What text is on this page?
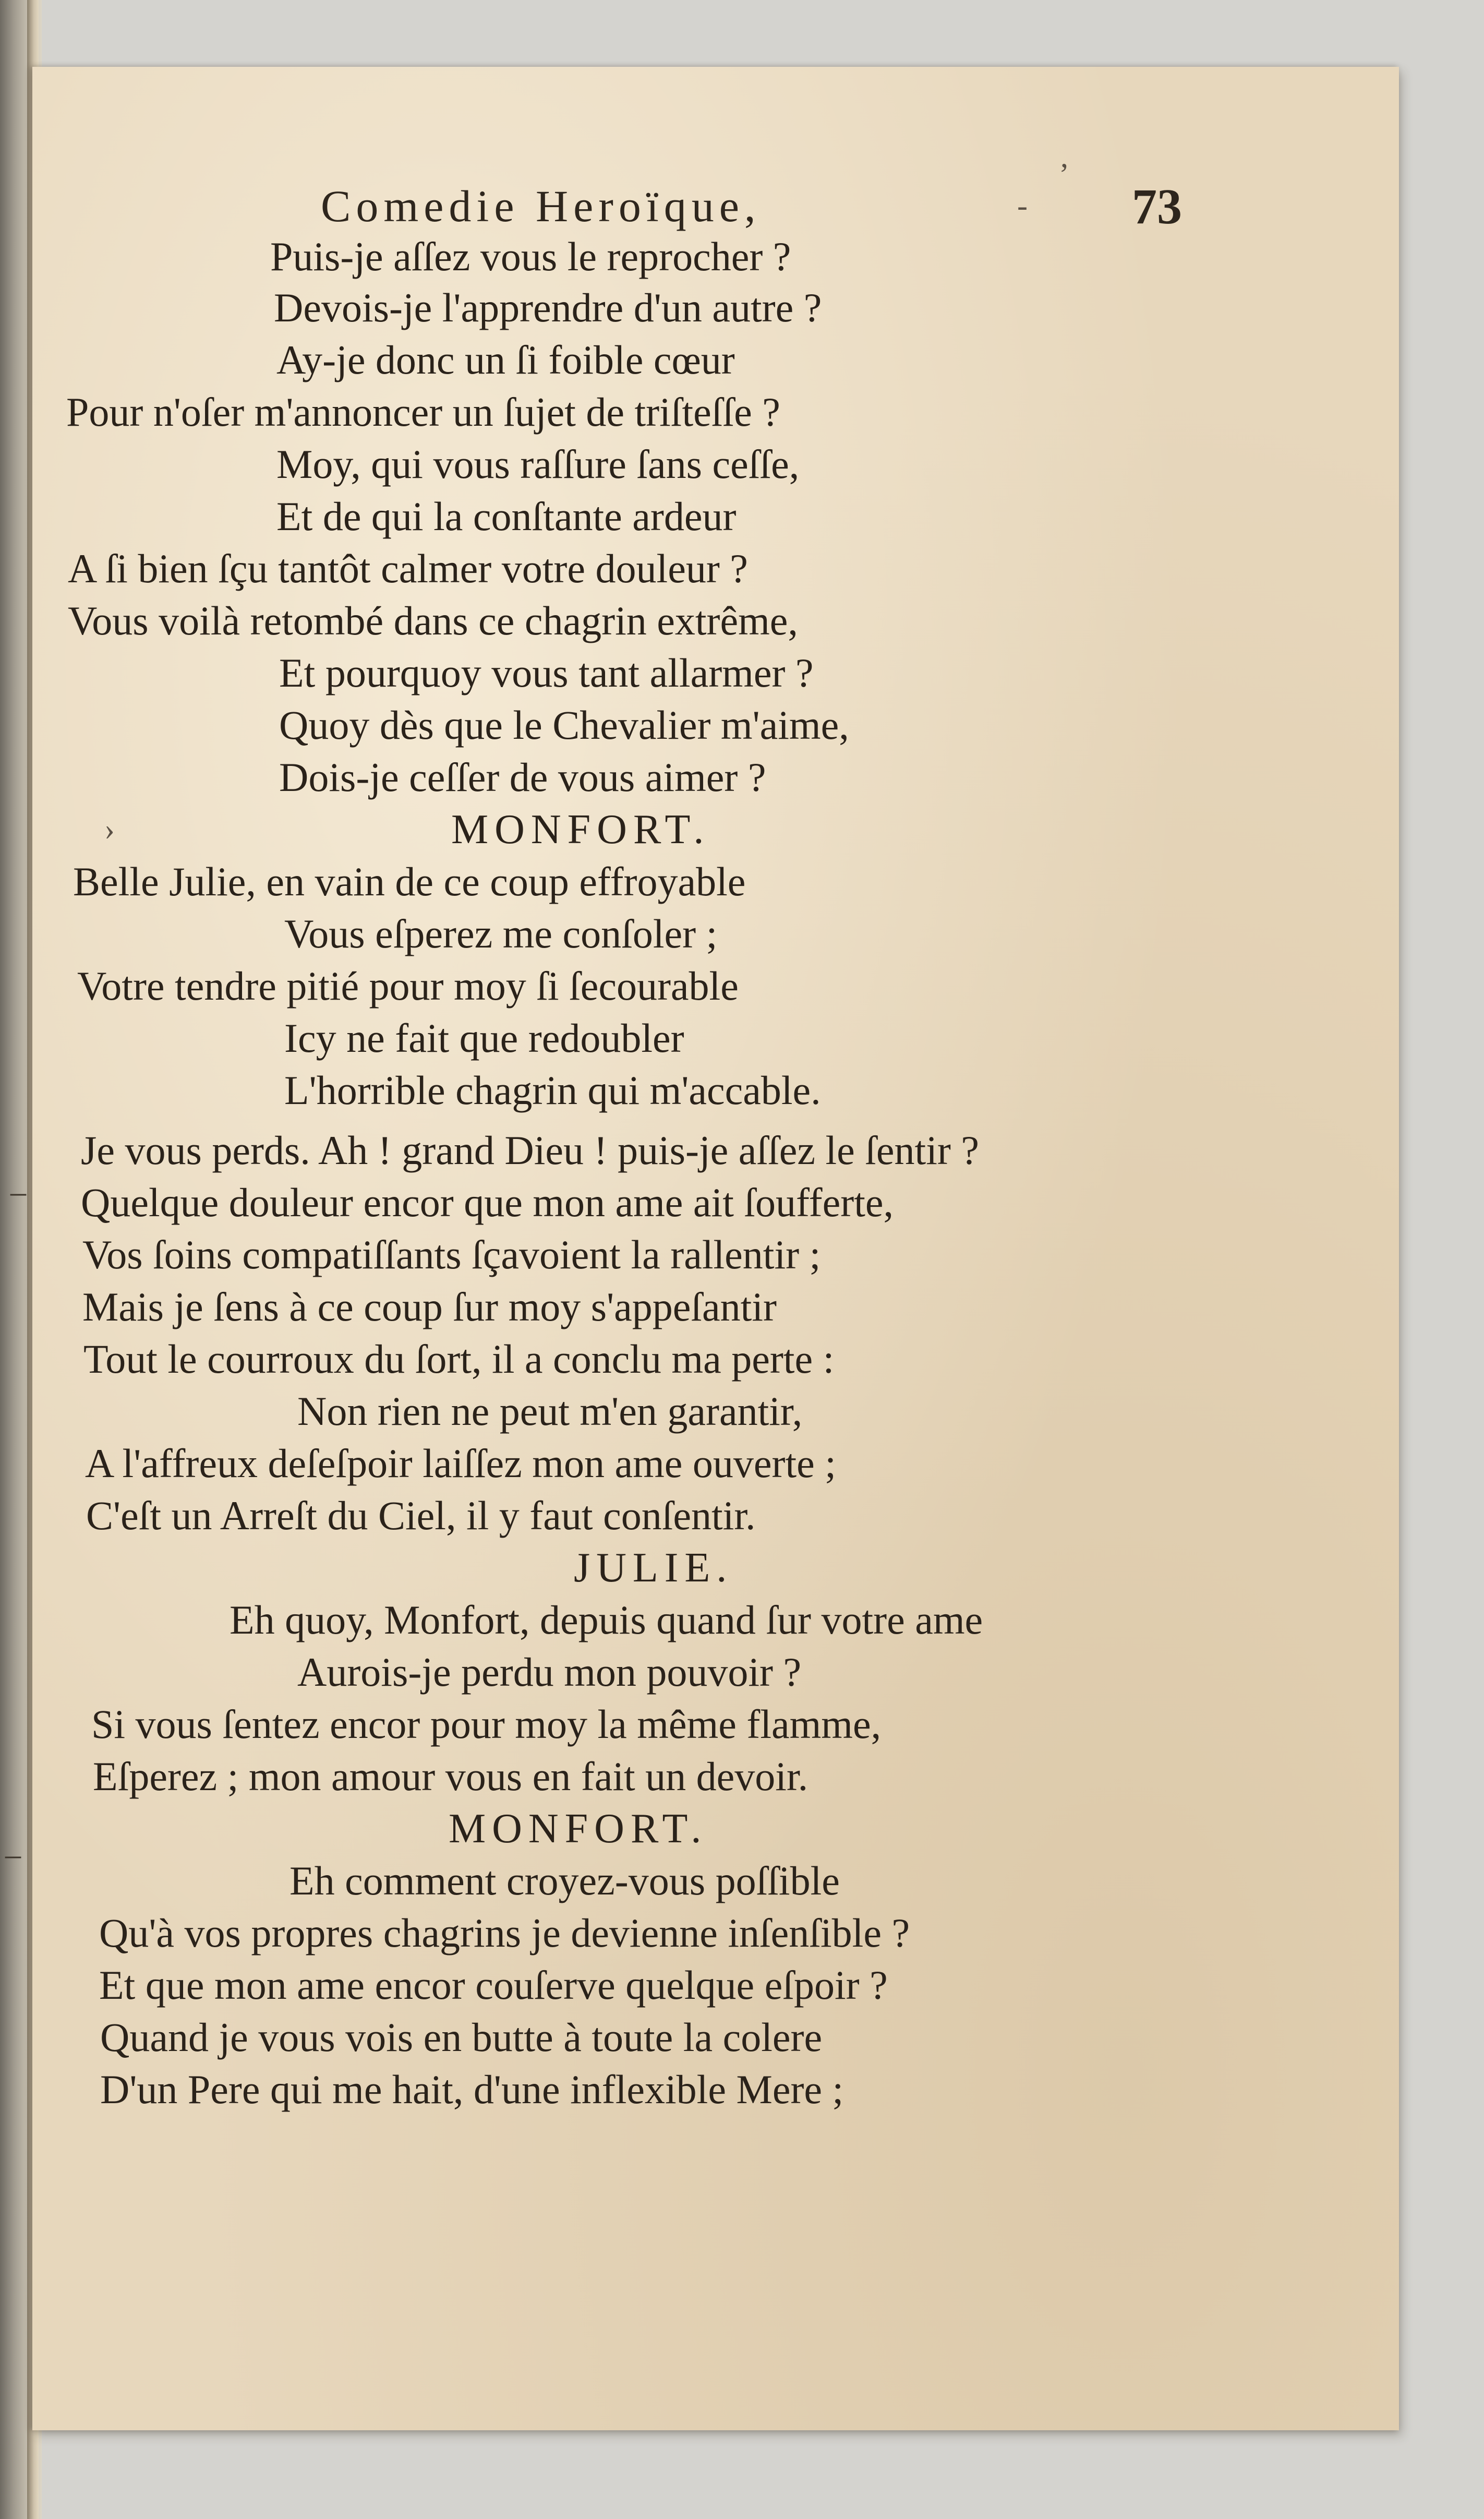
Comedie Heroïque,	73
Puis-je aſſez vous le reprocher ?
Devois-je l'apprendre d'un autre ?
Ay-je donc un ſi foible cœur
Pour n'oſer m'annoncer un ſujet de triſteſſe ?
Moy, qui vous raſſure ſans ceſſe,
Et de qui la conſtante ardeur
A ſi bien ſçu tantôt calmer votre douleur ?
Vous voilà retombé dans ce chagrin extrême,
Et pourquoy vous tant allarmer ?
Quoy dès que le Chevalier m'aime,
Dois-je ceſſer de vous aimer ?
MONFORT.
Belle Julie, en vain de ce coup effroyable
Vous eſperez me conſoler ;
Votre tendre pitié pour moy ſi ſecourable
Icy ne fait que redoubler
L'horrible chagrin qui m'accable.
Je vous perds. Ah ! grand Dieu ! puis-je aſſez le ſentir ?
Quelque douleur encor que mon ame ait ſoufferte,
Vos ſoins compatiſſants ſçavoient la rallentir ;
Mais je ſens à ce coup ſur moy s'appeſantir
Tout le courroux du ſort, il a conclu ma perte :
Non rien ne peut m'en garantir,
A l'affreux deſeſpoir laiſſez mon ame ouverte ;
C'eſt un Arreſt du Ciel, il y faut conſentir.
JULIE.
Eh quoy, Monfort, depuis quand ſur votre ame
Aurois-je perdu mon pouvoir ?
Si vous ſentez encor pour moy la même flamme,
Eſperez ; mon amour vous en fait un devoir.
MONFORT.
Eh comment croyez-vous poſſible
Qu'à vos propres chagrins je devienne inſenſible ?
Et que mon ame encor couſerve quelque eſpoir ?
Quand je vous vois en butte à toute la colere
D'un Pere qui me hait, d'une inflexible Mere ;
’
‐
›
–
–
